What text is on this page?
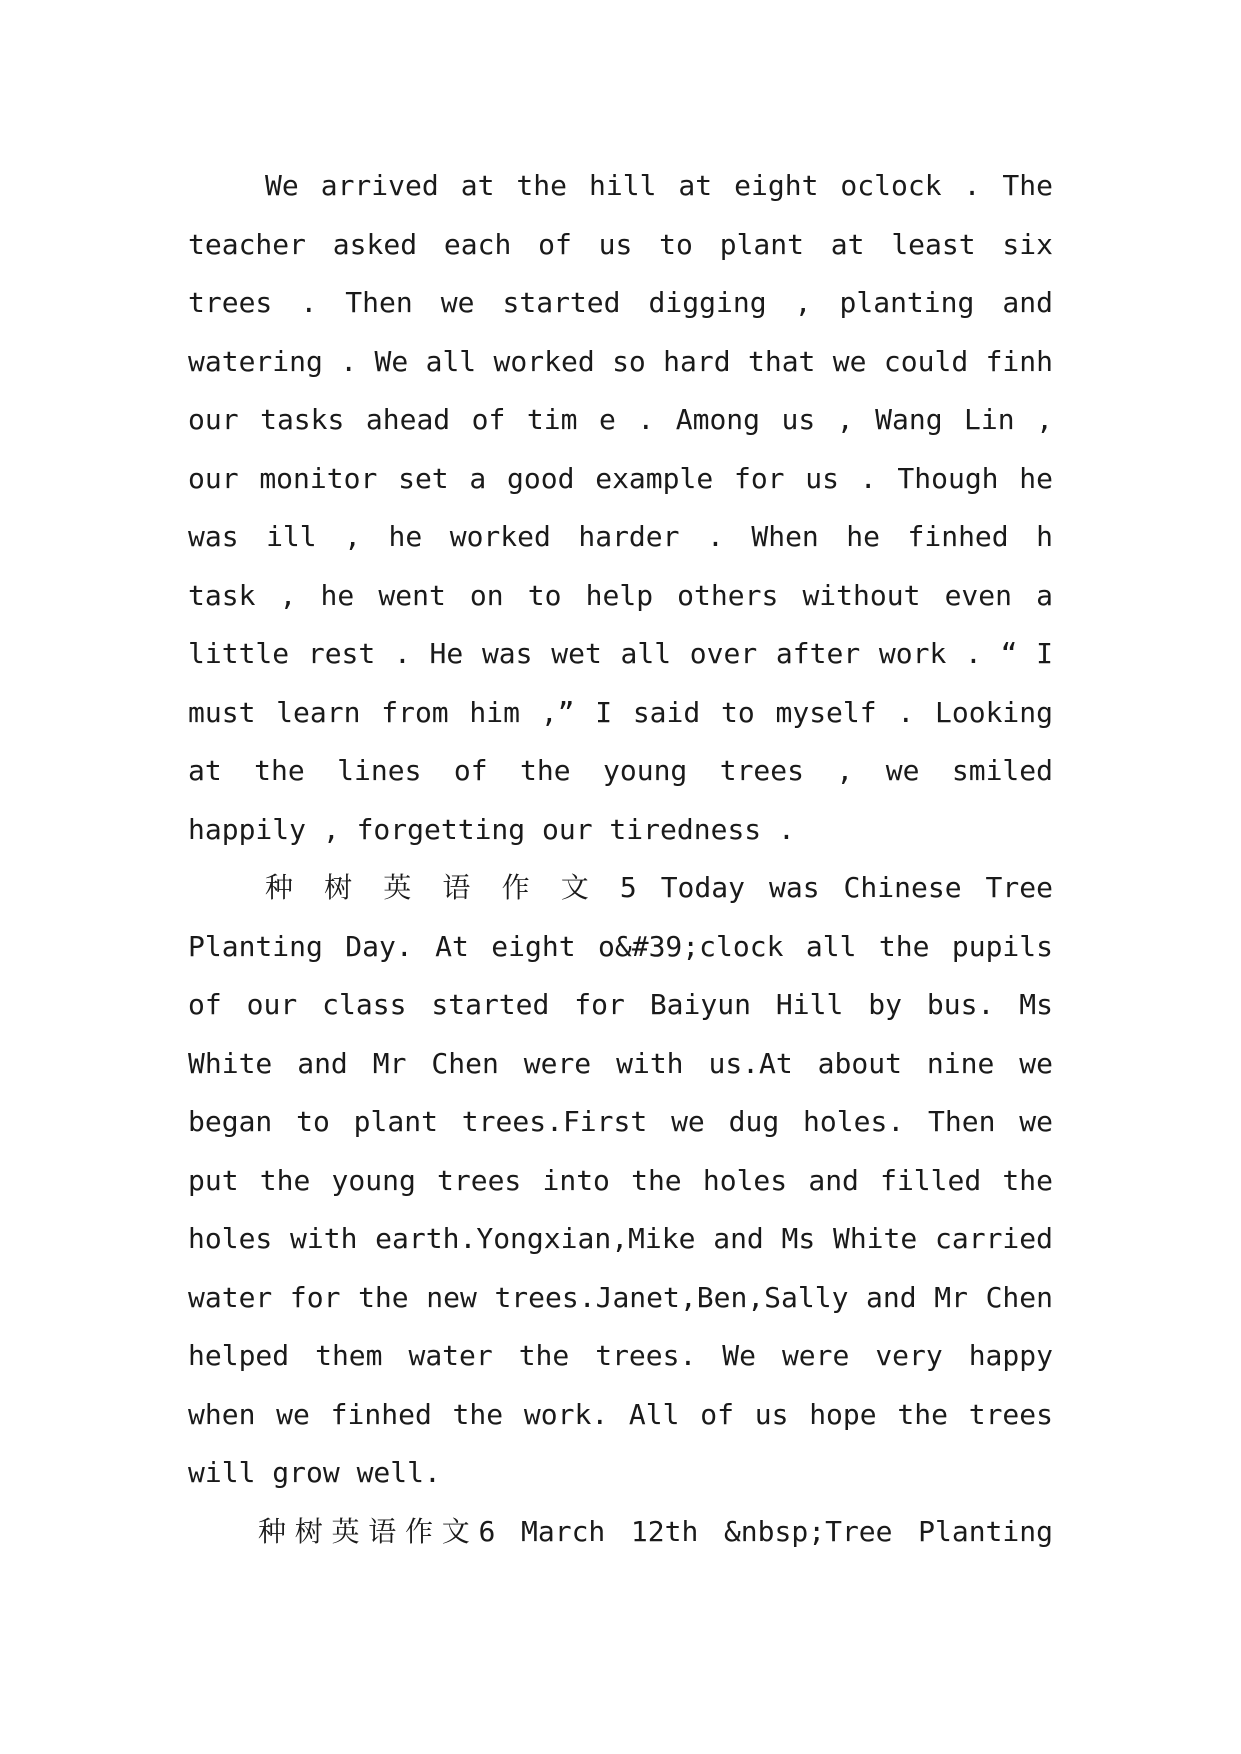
We arrived at the hill at eight oclock . The
teacher asked each of us to plant at least six
trees . Then we started digging , planting and
watering . We all worked so hard that we could finh
our tasks ahead of tim e . Among us , Wang Lin ,
our monitor set a good example for us . Though he
was ill , he worked harder . When he finhed h
task , he went on to help others without even a
little rest . He was wet all over after work . “ I
must learn from him ,” I said to myself . Looking
at the lines of the young trees , we smiled
happily , forgetting our tiredness .
种 树 英 语 作 文 5 Today was Chinese Tree
Planting Day. At eight o&#39;clock all the pupils
of our class started for Baiyun Hill by bus. Ms
White and Mr Chen were with us.At about nine we
began to plant trees.First we dug holes. Then we
put the young trees into the holes and filled the
holes with earth.Yongxian,Mike and Ms White carried
water for the new trees.Janet,Ben,Sally and Mr Chen
helped them water the trees. We were very happy
when we finhed the work. All of us hope the trees
will grow well.
种树英语作文6 March 12th &nbsp;Tree Planting
